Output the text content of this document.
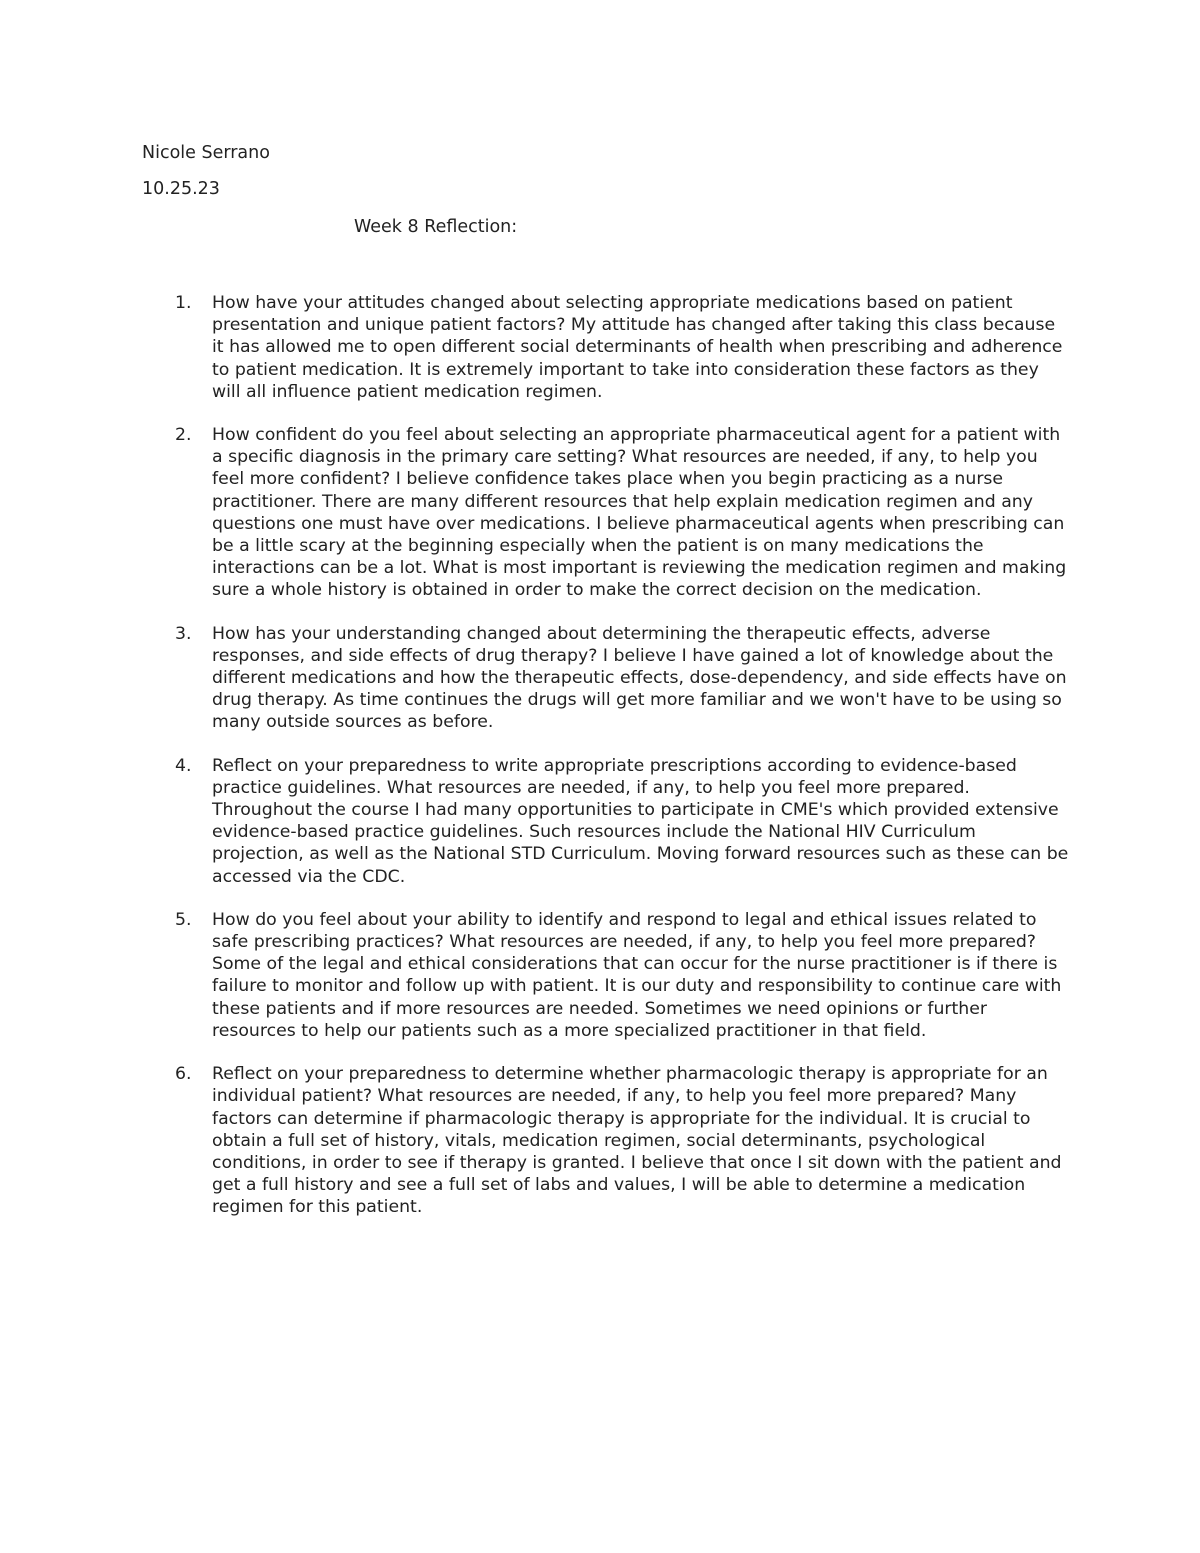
Nicole Serrano

10.25.23

Week 8 Reflection:
1. How have your attitudes changed about selecting appropriate medications based on patient presentation and unique patient factors? My attitude has changed after taking this class because it has allowed me to open different social determinants of health when prescribing and adherence to patient medication. It is extremely important to take into consideration these factors as they will all influence patient medication regimen.

2. How confident do you feel about selecting an appropriate pharmaceutical agent for a patient with a specific diagnosis in the primary care setting? What resources are needed, if any, to help you feel more confident? I believe confidence takes place when you begin practicing as a nurse practitioner. There are many different resources that help explain medication regimen and any questions one must have over medications. I believe pharmaceutical agents when prescribing can be a little scary at the beginning especially when the patient is on many medications the interactions can be a lot. What is most important is reviewing the medication regimen and making sure a whole history is obtained in order to make the correct decision on the medication.

3. How has your understanding changed about determining the therapeutic effects, adverse responses, and side effects of drug therapy? I believe I have gained a lot of knowledge about the different medications and how the therapeutic effects, dose-dependency, and side effects have on drug therapy. As time continues the drugs will get more familiar and we won't have to be using so many outside sources as before.

4. Reflect on your preparedness to write appropriate prescriptions according to evidence-based practice guidelines. What resources are needed, if any, to help you feel more prepared. Throughout the course I had many opportunities to participate in CME's which provided extensive evidence-based practice guidelines. Such resources include the National HIV Curriculum projection, as well as the National STD Curriculum. Moving forward resources such as these can be accessed via the CDC.

5. How do you feel about your ability to identify and respond to legal and ethical issues related to safe prescribing practices? What resources are needed, if any, to help you feel more prepared? Some of the legal and ethical considerations that can occur for the nurse practitioner is if there is failure to monitor and follow up with patient. It is our duty and responsibility to continue care with these patients and if more resources are needed. Sometimes we need opinions or further resources to help our patients such as a more specialized practitioner in that field.

6. Reflect on your preparedness to determine whether pharmacologic therapy is appropriate for an individual patient? What resources are needed, if any, to help you feel more prepared? Many factors can determine if pharmacologic therapy is appropriate for the individual. It is crucial to obtain a full set of history, vitals, medication regimen, social determinants, psychological conditions, in order to see if therapy is granted. I believe that once I sit down with the patient and get a full history and see a full set of labs and values, I will be able to determine a medication regimen for this patient.
